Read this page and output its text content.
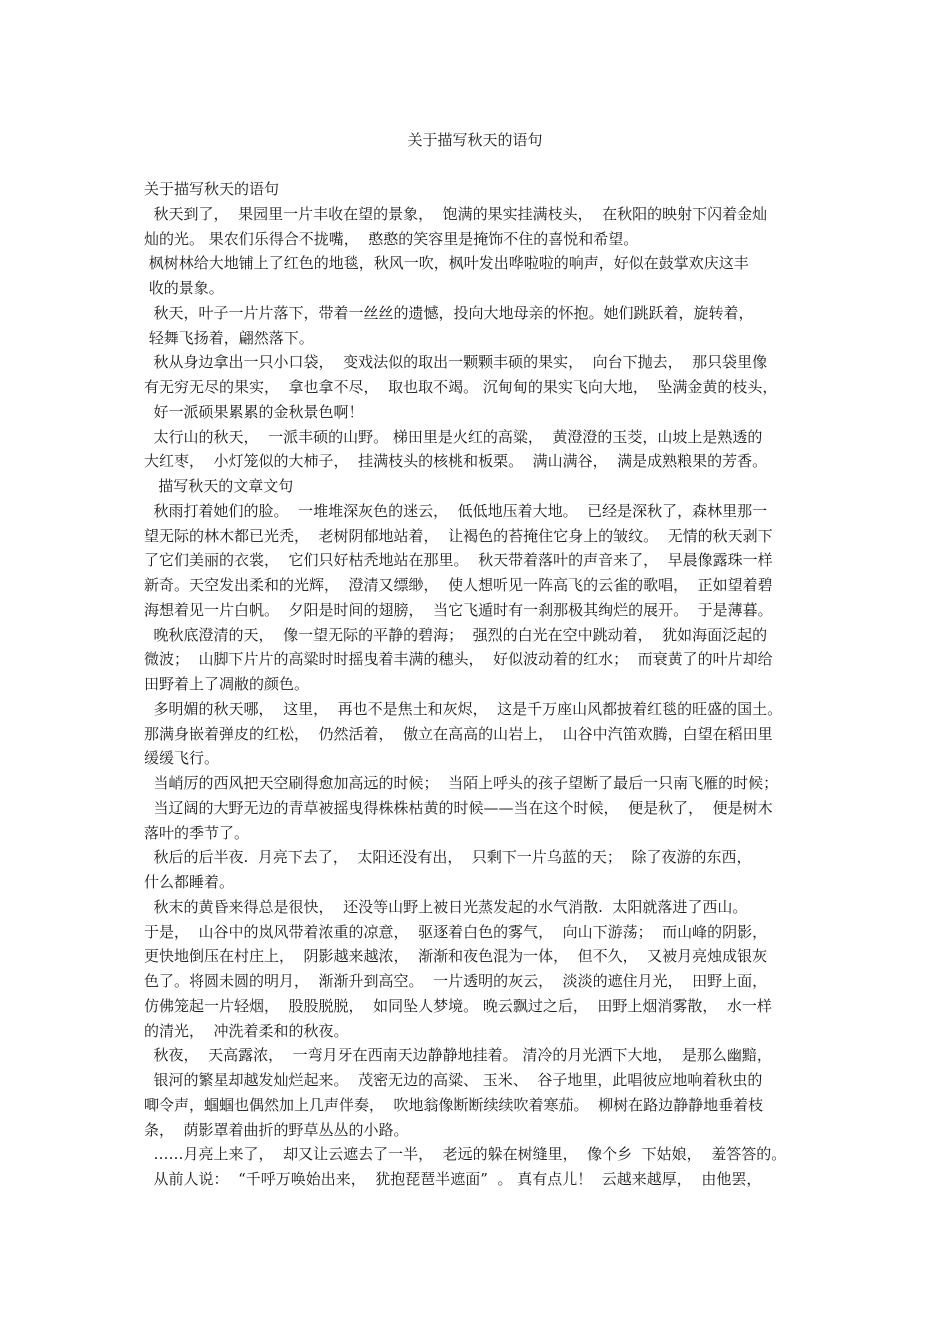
关于描写秋天的语句
关于描写秋天的语句
秋天到了，  果园里一片丰收在望的景象，  饱满的果实挂满枝头，  在秋阳的映射下闪着金灿
灿的光。 果农们乐得合不拢嘴，  憨憨的笑容里是掩饰不住的喜悦和希望。
枫树林给大地铺上了红色的地毯，秋风一吹，枫叶发出哗啦啦的响声，好似在鼓掌欢庆这丰
收的景象。
秋天，叶子一片片落下，带着一丝丝的遗憾，投向大地母亲的怀抱。她们跳跃着，旋转着，
轻舞飞扬着，翩然落下。
秋从身边拿出一只小口袋，  变戏法似的取出一颗颗丰硕的果实，  向台下抛去，  那只袋里像
有无穷无尽的果实，  拿也拿不尽，  取也取不竭。 沉甸甸的果实飞向大地，  坠满金黄的枝头，
好一派硕果累累的金秋景色啊！
太行山的秋天，  一派丰硕的山野。 梯田里是火红的高粱，  黄澄澄的玉茭，山坡上是熟透的
大红枣，  小灯笼似的大柿子，  挂满枝头的核桃和板栗。  满山满谷，  满是成熟粮果的芳香。
描写秋天的文章文句
秋雨打着她们的脸。  一堆堆深灰色的迷云，  低低地压着大地。  已经是深秋了，森林里那一
望无际的林木都已光秃，  老树阴郁地站着，  让褐色的苔掩住它身上的皱纹。  无情的秋天剥下
了它们美丽的衣裳，  它们只好枯秃地站在那里。  秋天带着落叶的声音来了，  早晨像露珠一样
新奇。天空发出柔和的光辉，  澄清又缥缈，  使人想听见一阵高飞的云雀的歌唱，  正如望着碧
海想着见一片白帆。  夕阳是时间的翅膀，  当它飞遁时有一刹那极其绚烂的展开。  于是薄暮。
晚秋底澄清的天，  像一望无际的平静的碧海；  强烈的白光在空中跳动着，  犹如海面泛起的
微波；  山脚下片片的高粱时时摇曳着丰满的穗头，  好似波动着的红水；  而衰黄了的叶片却给
田野着上了凋敝的颜色。
多明媚的秋天哪，  这里，  再也不是焦土和灰烬，  这是千万座山风都披着红毯的旺盛的国土。
那满身嵌着弹皮的红松，  仍然活着，  傲立在高高的山岩上，  山谷中汽笛欢腾，白望在稻田里
缓缓飞行。
当峭厉的西风把天空刷得愈加高远的时候；  当陌上呼头的孩子望断了最后一只南飞雁的时候；
当辽阔的大野无边的青草被摇曳得株株枯黄的时候——当在这个时候，  便是秋了，  便是树木
落叶的季节了。
秋后的后半夜.  月亮下去了，  太阳还没有出，  只剩下一片乌蓝的天；  除了夜游的东西，
什么都睡着。
秋末的黄昏来得总是很快，  还没等山野上被日光蒸发起的水气消散.  太阳就落进了西山。
于是，  山谷中的岚风带着浓重的凉意，  驱逐着白色的雾气，  向山下游荡；  而山峰的阴影，
更快地倒压在村庄上，  阴影越来越浓，  渐渐和夜色混为一体，  但不久，  又被月亮烛成银灰
色了。将圆未圆的明月，  渐渐升到高空。  一片透明的灰云，  淡淡的遮住月光，  田野上面，
仿佛笼起一片轻烟，  股股脱脱，  如同坠人梦境。 晚云飘过之后，  田野上烟消雾散，  水一样
的清光，  冲洗着柔和的秋夜。
秋夜，  天高露浓，  一弯月牙在西南天边静静地挂着。 清冷的月光洒下大地，  是那么幽黯，
银河的繁星却越发灿烂起来。  茂密无边的高粱、 玉米、  谷子地里，此唱彼应地响着秋虫的
唧令声，蝈蝈也偶然加上几声伴奏，  吹地翁像断断续续吹着寒茄。  柳树在路边静静地垂着枝
条，  荫影罩着曲折的野草丛丛的小路。
……月亮上来了，  却又让云遮去了一半，  老远的躲在树缝里，  像个乡  下姑娘，  羞答答的。
从前人说：  “千呼万唤始出来，  犹抱琵琶半遮面”  。 真有点儿！  云越来越厚，  由他罢，
